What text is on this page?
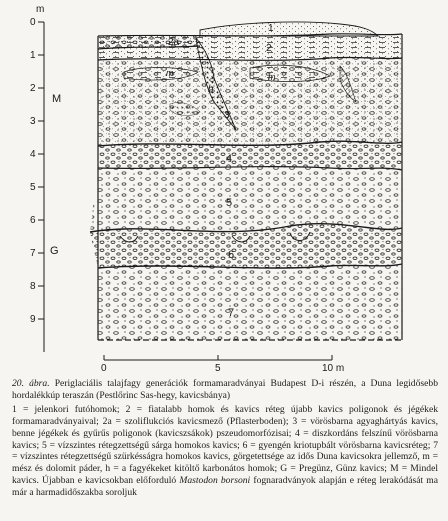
m
0
1
2
3
4
5
6
7
8
9
M
G
1
2
2a
3
4
5
6
7
m	m
h
0	5	10 m

20. ábra. Periglaciális talajfagy generációk formamaradványai Budapest D-i részén, a Duna legidősebb hordalékkúp teraszán (Pestlőrinc Sas-hegy, kavicsbánya)

1 = jelenkori futóhomok; 2 = fiatalabb homok és kavics réteg újabb kavics poligonok és jégékek formamaradványaival; 2a = szoliflukciós kavicsmező (Pflasterboden); 3 = vörösbarna agyaghártyás kavics, benne jégékek és gyűrűs poligonok (kavicszsákok) pszeudomorfózisai; 4 = diszkordáns felszínű vörösbarna kavics; 5 = vízszintes rétegzettségű sárga homokos kavics; 6 = gyengén kriotuрbált vörösbarna kavicsréteg; 7 = vízszintes rétegzettségű szürkésságra homokos kavics, görgetettsége az idős Duna kavicsokra jellemző, m = mész és dolomit páder, h = a fagyékeket kitöltő karbonátos homok; G = Pregünz, Günz kavics; M = Mindel kavics. Újabban e kavicsokban előforduló Mastodon borsoni fognaradványok alapján e réteg lerakódását ma már a harmadidőszakba soroljuk
